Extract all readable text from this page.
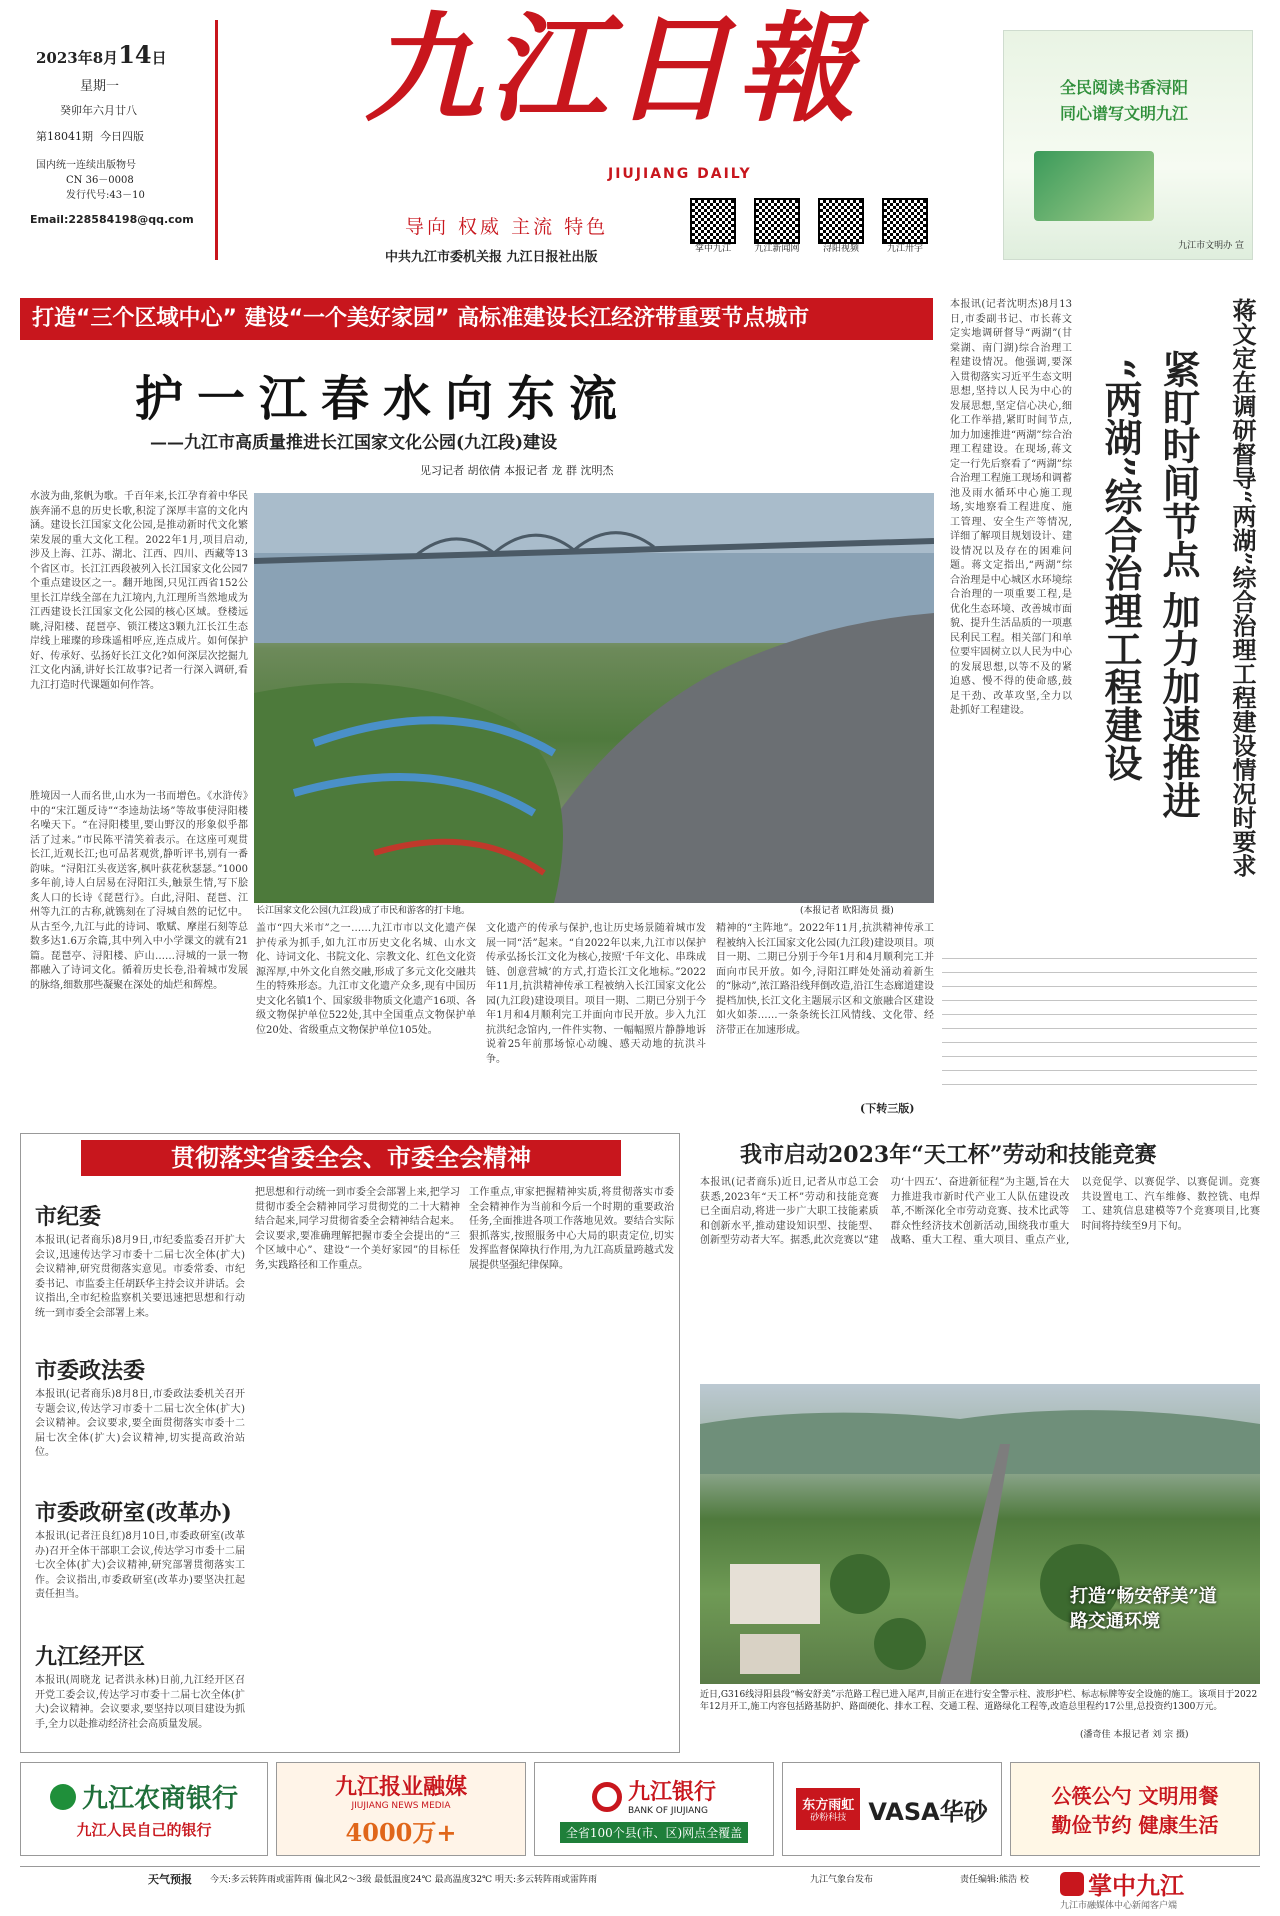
2023年8月14日
星期一
癸卯年六月廿八
第18041期 今日四版
国内统一连续出版物号
CN 36－0008
发行代号:43－10
Email:228584198@qq.com
九江日報
JIUJIANG DAILY
导向 权威 主流 特色
中共九江市委机关报 九江日报社出版
掌中九江	九江新闻网	浔阳视频	九江卅宇
全民阅读书香浔阳
同心谱写文明九江
九江市文明办 宣
打造“三个区域中心” 建设“一个美好家园” 高标准建设长江经济带重要节点城市
护一江春水向东流
——九江市高质量推进长江国家文化公园(九江段)建设
见习记者 胡依倩 本报记者 龙 群 沈明杰
水波为曲,浆帆为歌。千百年来,长江孕育着中华民族奔涌不息的历史长歌,积淀了深厚丰富的文化内涵。建设长江国家文化公园,是推动新时代文化繁荣发展的重大文化工程。2022年1月,项目启动,涉及上海、江苏、湖北、江西、四川、西藏等13个省区市。长江江西段被列入长江国家文化公园7个重点建设区之一。翻开地图,只见江西省152公里长江岸线全部在九江境内,九江理所当然地成为江西建设长江国家文化公园的核心区域。登楼远眺,浔阳楼、琵琶亭、锁江楼这3颗九江长江生态岸线上璀璨的珍珠遥相呼应,连点成片。如何保护好、传承好、弘扬好长江文化?如何深层次挖掘九江文化内涵,讲好长江故事?记者一行深入调研,看九江打造时代课题如何作答。
胜境因一人而名世,山水为一书而增色。《水浒传》中的“宋江题反诗”“李逵劫法场”等故事使浔阳楼名噪天下。“在浔阳楼里,要山野汉的形象似乎都活了过来。”市民陈平清笑着表示。在这座可观贯长江,近观长江;也可品茗观赏,静听评书,别有一番韵味。“浔阳江头夜送客,枫叶荻花秋瑟瑟。”1000多年前,诗人白居易在浔阳江头,触景生情,写下脍炙人口的长诗《琵琶行》。白此,浔阳、琵琶、江州等九江的古称,就镌刻在了浔城自然的记忆中。从古至今,九江与此的诗词、歌赋、摩崖石刻等总数多达1.6万余篇,其中列入中小学课文的就有21篇。琵琶亭、浔阳楼、庐山……浔城的一景一物都融入了诗词文化。循着历史长卷,沿着城市发展的脉络,细数那些凝聚在深处的灿烂和辉煌。
长江国家文化公园(九江段)成了市民和游客的打卡地。	(本报记者 欧阳海员 摄)
盖市“四大米市”之一……九江市市以文化遗产保护传承为抓手,如九江市历史文化名城、山水文化、诗词文化、书院文化、宗教文化、红色文化资源浑厚,中外文化自然交融,形成了多元文化交融共生的特殊形态。九江市文化遗产众多,现有中国历史文化名镇1个、国家级非物质文化遗产16项、各级文物保护单位522处,其中全国重点文物保护单位20处、省级重点文物保护单位105处。
文化遗产的传承与保护,也让历史场景随着城市发展一同“活”起来。“自2022年以来,九江市以保护传承弘扬长江文化为核心,按照‘千年文化、串珠成链、创意营城’的方式,打造长江文化地标。”2022年11月,抗洪精神传承工程被纳入长江国家文化公园(九江段)建设项目。项目一期、二期已分别于今年1月和4月顺利完工并面向市民开放。步入九江抗洪纪念馆内,一件件实物、一幅幅照片静静地诉说着25年前那场惊心动魄、感天动地的抗洪斗争。
精神的“主阵地”。2022年11月,抗洪精神传承工程被纳入长江国家文化公园(九江段)建设项目。项目一期、二期已分别于今年1月和4月顺利完工并面向市民开放。如今,浔阳江畔处处涌动着新生的“脉动”,浓江路沿线拜倒改造,沿江生态廊道建设提档加快,长江文化主题展示区和文旅融合区建设如火如荼……一条条统长江风情线、文化带、经济带正在加速形成。
(下转三版)
蒋文定在调研督导“两湖”综合治理工程建设情况时要求
紧盯时间节点 加力加速推进
“两湖”综合治理工程建设
本报讯(记者沈明杰)8月13日,市委副书记、市长蒋文定实地调研督导“两湖”(甘棠湖、南门湖)综合治理工程建设情况。他强调,要深入贯彻落实习近平生态文明思想,坚持以人民为中心的发展思想,坚定信心决心,细化工作举措,紧盯时间节点,加力加速推进“两湖”综合治理工程建设。在现场,蒋文定一行先后察看了“两湖”综合治理工程施工现场和调蓄池及雨水循环中心施工现场,实地察看工程进度、施工管理、安全生产等情况,详细了解项目规划设计、建设情况以及存在的困难问题。蒋文定指出,“两湖”综合治理是中心城区水环境综合治理的一项重要工程,是优化生态环境、改善城市面貌、提升生活品质的一项惠民利民工程。相关部门和单位要牢固树立以人民为中心的发展思想,以等不及的紧迫感、慢不得的使命感,鼓足干劲、改革攻坚,全力以赴抓好工程建设。
贯彻落实省委全会、市委全会精神
市纪委
本报讯(记者商乐)8月9日,市纪委监委召开扩大会议,迅速传达学习市委十二届七次全体(扩大)会议精神,研究贯彻落实意见。市委常委、市纪委书记、市监委主任胡跃华主持会议并讲话。会议指出,全市纪检监察机关要迅速把思想和行动统一到市委全会部署上来。
市委政法委
本报讯(记者商乐)8月8日,市委政法委机关召开专题会议,传达学习市委十二届七次全体(扩大)会议精神。会议要求,要全面贯彻落实市委十二届七次全体(扩大)会议精神,切实提高政治站位。
市委政研室(改革办)
本报讯(记者汪良红)8月10日,市委政研室(改革办)召开全体干部职工会议,传达学习市委十二届七次全体(扩大)会议精神,研究部署贯彻落实工作。会议指出,市委政研室(改革办)要坚决扛起责任担当。
九江经开区
本报讯(周晓龙 记者洪永林)日前,九江经开区召开党工委会议,传达学习市委十二届七次全体(扩大)会议精神。会议要求,要坚持以项目建设为抓手,全力以赴推动经济社会高质量发展。
把思想和行动统一到市委全会部署上来,把学习贯彻市委全会精神同学习贯彻党的二十大精神结合起来,同学习贯彻省委全会精神结合起来。会议要求,要准确理解把握市委全会提出的“三个区域中心”、建设“一个美好家园”的目标任务,实践路径和工作重点。
工作重点,审家把握精神实质,将贯彻落实市委全会精神作为当前和今后一个时期的重要政治任务,全面推进各项工作落地见效。要结合实际狠抓落实,按照服务中心大局的职责定位,切实发挥监督保障执行作用,为九江高质量跨越式发展提供坚强纪律保障。
我市启动2023年“天工杯”劳动和技能竞赛
本报讯(记者商乐)近日,记者从市总工会获悉,2023年“天工杯”劳动和技能竞赛已全面启动,将进一步广大职工技能素质和创新水平,推动建设知识型、技能型、创新型劳动者大军。据悉,此次竞赛以“建功‘十四五’、奋进新征程”为主题,旨在大力推进我市新时代产业工人队伍建设改革,不断深化全市劳动竞赛、技术比武等群众性经济技术创新活动,围绕我市重大战略、重大工程、重大项目、重点产业,以竞促学、以赛促学、以赛促训。竞赛共设置电工、汽车维修、数控铣、电焊工、建筑信息建模等7个竞赛项目,比赛时间将持续至9月下旬。
打造“畅安舒美”道路交通环境
近日,G316线浔阳县段“畅安舒美”示范路工程已进入尾声,目前正在进行安全警示柱、波形护栏、标志标牌等安全设施的施工。该项目于2022年12月开工,施工内容包括路基防护、路面硬化、排水工程、交通工程、道路绿化工程等,改造总里程约17公里,总投资约1300万元。
(潘奇佳 本报记者 刘 宗 摄)
九江农商银行
九江人民自己的银行
九江报业融媒
JIUJIANG NEWS MEDIA
4000万+
九江银行
BANK OF JIUJIANG
全省100个县(市、区)网点全覆盖
东方雨虹
砂粉科技 VASA华砂
公筷公勺 文明用餐
勤俭节约 健康生活
天气预报 今天:多云转阵雨或雷阵雨 偏北风2～3级 最低温度24℃ 最高温度32℃ 明天:多云转阵雨或雷阵雨	九江气象台发布	责任编辑:熊浩 校 掌中九江
九江市融媒体中心新闻客户端
